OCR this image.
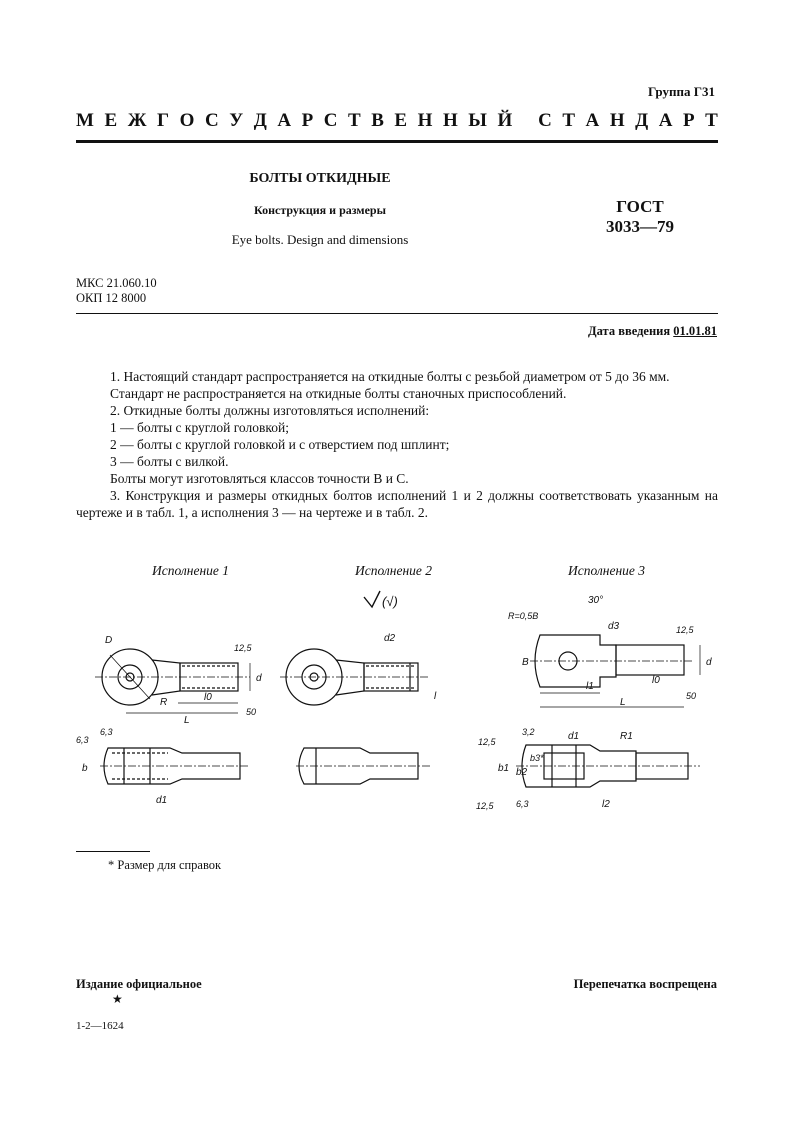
Группа Г31
М Е Ж Г О С У Д А Р С Т В Е Н Н Ы Й
С Т А Н Д А Р Т
БОЛТЫ ОТКИДНЫЕ
Конструкция и размеры
Eye bolts. Design and dimensions
ГОСТ
3033—79
МКС 21.060.10
ОКП 12 8000
Дата введения 01.01.81

1. Настоящий стандарт распространяется на откидные болты с резьбой диаметром от 5 до 36 мм.

Стандарт не распространяется на откидные болты станочных приспособлений.

2. Откидные болты должны изготовляться исполнений:

1 — болты с круглой головкой;

2 — болты с круглой головкой и с отверстием под шплинт;

3 — болты с вилкой.

Болты могут изготовляться классов точности B и C.

3. Конструкция и размеры откидных болтов исполнений 1 и 2 должны соответствовать указанным на чертеже и в табл. 1, а исполнения 3 — на чертеже и в табл. 2.

Исполнение 1	Исполнение 2	Исполнение 3
D
R
L
l0
d
12,5
50
6,3
6,3
b
d1
(√)
d2
l
R=0,5B
30°
d3
B
l1
l0
L
d
12,5
50
3,2
12,5
b3*
d1	R1
b1 b2
12,5 6,3	l2
* Размер для справок
Издание официальное
★
Перепечатка воспрещена
1-2—1624
